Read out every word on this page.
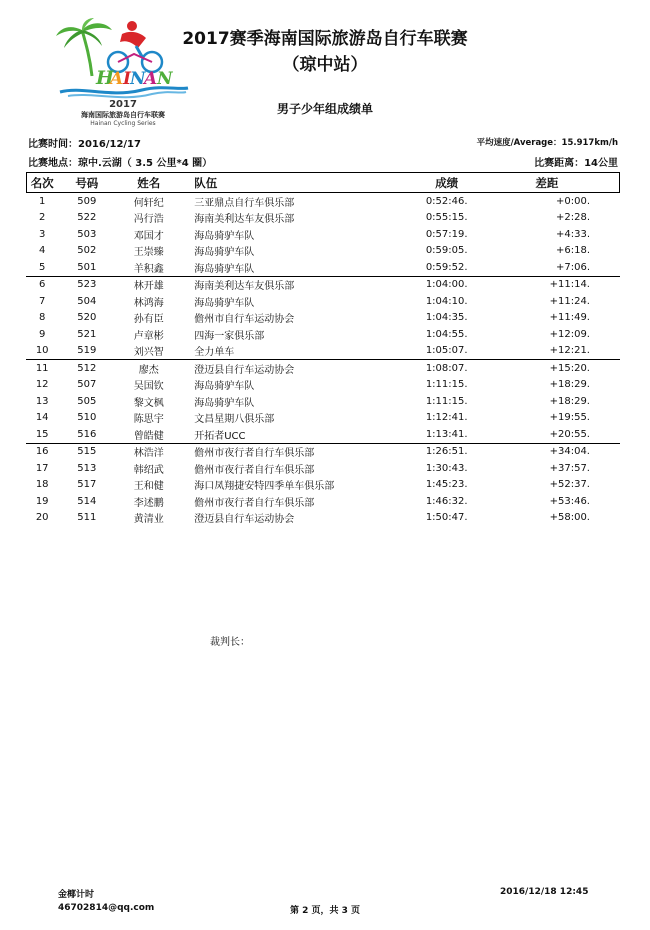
H
A I N
A N
2017
海南国际旅游岛自行车联赛
Hainan Cycling Series
2017赛季海南国际旅游岛自行车联赛
（琼中站）
男子少年组成绩单
比赛时间：2016/12/17	平均速度/Average：15.917km/h
比赛地点：琼中.云湖（ 3.5 公里*4 圈）	比赛距离：14公里
名次	号码	姓名	队伍	成绩	差距
1	509	何轩纪	三亚鼎点自行车俱乐部	0:52:46.	+0:00.
2	522	冯行浩	海南美利达车友俱乐部	0:55:15.	+2:28.
3	503	邓国才	海岛骑驴车队	0:57:19.	+4:33.
4	502	王崇臻	海岛骑驴车队	0:59:05.	+6:18.
5	501	羊积鑫	海岛骑驴车队	0:59:52.	+7:06.
6	523	林开雄	海南美利达车友俱乐部	1:04:00.	+11:14.
7	504	林鸿海	海岛骑驴车队	1:04:10.	+11:24.
8	520	孙有臣	儋州市自行车运动协会	1:04:35.	+11:49.
9	521	卢章彬	四海一家俱乐部	1:04:55.	+12:09.
10	519	刘兴智	全力单车	1:05:07.	+12:21.
11	512	廖杰	澄迈县自行车运动协会	1:08:07.	+15:20.
12	507	吴国钦	海岛骑驴车队	1:11:15.	+18:29.
13	505	黎文枫	海岛骑驴车队	1:11:15.	+18:29.
14	510	陈思宇	文昌星期八俱乐部	1:12:41.	+19:55.
15	516	曾皓健	开拓者UCC	1:13:41.	+20:55.
16	515	林浩洋	儋州市夜行者自行车俱乐部	1:26:51.	+34:04.
17	513	韩绍武	儋州市夜行者自行车俱乐部	1:30:43.	+37:57.
18	517	王和健	海口凤翔捷安特四季单车俱乐部	1:45:23.	+52:37.
19	514	李述鹏	儋州市夜行者自行车俱乐部	1:46:32.	+53:46.
20	511	黄清业	澄迈县自行车运动协会	1:50:47.	+58:00.
裁判长：
金椰计时
46702814@qq.com	第 2 页，共 3 页
2016/12/18 12:45
